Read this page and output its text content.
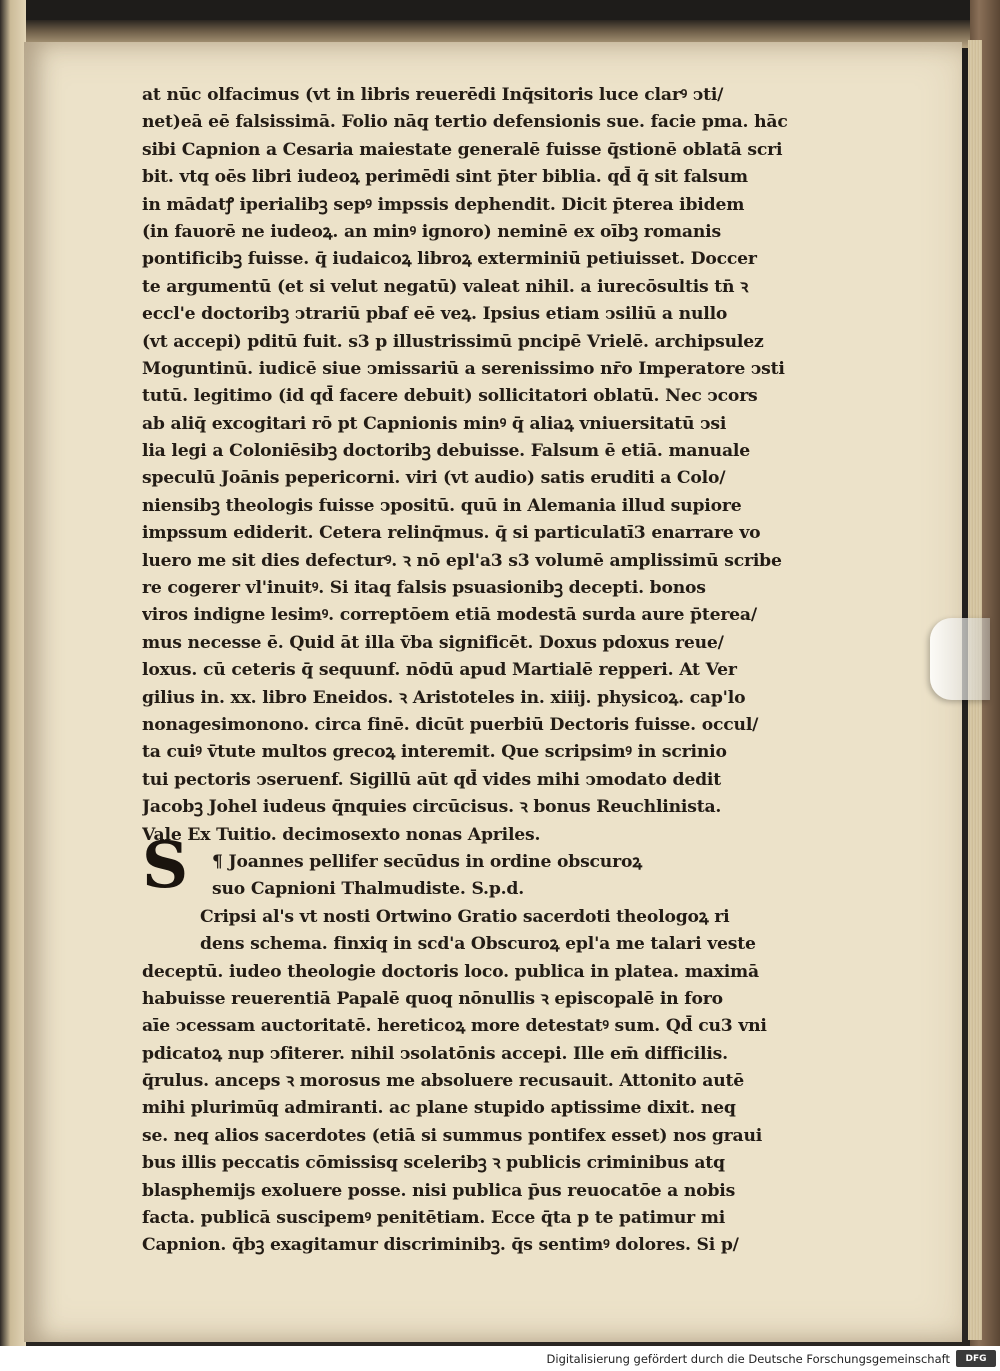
at nūc olfacimus (vt in libris reuerēdi Inq̄sitoris luce clarꝰ ↄti/
net)eā eē falsissimā. Folio nāq̧ tertio defensionis sue. facie pma. hāc
sibi Capnion a Cesaria maiestate generalē fuisse q̄stionē oblatā scri
bit. vtq̧ oēs libri iudeoꝝ perimēdi sint p̄ter biblia. qd̄ q̄ sit falsum
in mādatꝭ iperialibꝫ sepꝰ impssis dephendit. Dicit p̄terea ibidem
(in fauorē ne iudeoꝝ. an minꝰ ignoro) neminē ex oībꝫ romanis
pontificibꝫ fuisse. q̄ iudaicoꝝ libroꝝ exterminiū petiuisset. Doccer
te argumentū (et si velut negatū) valeat nihil. a iurecōsultis tn̄ ꝛ
eccl'e doctoribꝫ ↄtrariū pbaf eē veꝝ. Ipsius etiam ↄsiliū a nullo
(vt accepi) pditū fuit. s3 p illustrissimū pncipē Vrielē. archipsulez
Moguntinū. iudicē siue ↄmissariū a serenissimo nr̄o Imperatore ↄsti
tutū. legitimo (id qd̄ facere debuit) sollicitatori oblatū. Nec ↄcors
ab aliq̄ excogitari rō pt Capnionis minꝰ q̄ aliaꝝ vniuersitatū ↄsi
lia legi a Coloniēsibꝫ doctoribꝫ debuisse. Falsum ē etiā. manuale
speculū Joānis pepericorni. viri (vt audio) satis eruditi a Colo/
niensibꝫ theologis fuisse ↄpositū. quū in Alemania illud supiore
impssum ediderit. Cetera relinq̄mus. q̄ si particulatī3 enarrare vo
luero me sit dies defecturꝰ. ꝛ nō epl'a3 s3 volumē amplissimū scribe
re cogerer vl'inuitꝰ. Si itaq̧ falsis psuasionibꝫ decepti. bonos
viros indigne lesimꝰ. correptōem etiā modestā surda aure p̄terea/
mus necesse ē. Quid āt illa v̄ba significēt. Doxus pdoxus reue/
loxus. cū ceteris q̄ sequunf. nōdū apud Martialē repperi. At Ver
gilius in. xx. libro Eneidos. ꝛ Aristoteles in. xiiij. physicoꝝ. cap'lo
nonagesimonono. circa finē. dicūt puerbiū Dectoris fuisse. occul/
ta cuiꝰ v̄tute multos grecoꝝ interemit. Que scripsimꝰ in scrinio
tui pectoris ↄseruenf. Sigillū aūt qd̄ vides mihi ↄmodato dedit
Jacobꝫ Johel iudeus q̄nquies circūcisus. ꝛ bonus Reuchlinista.
Vale Ex Tuitio. decimosexto nonas Apriles.
¶ Joannes pellifer secūdus in ordine obscuroꝝ
suo Capnioni Thalmudiste. S.p.d.
Cripsi al's vt nosti Ortwino Gratio sacerdoti theologoꝝ ri
dens schema. finxiq̧ in scd'a Obscuroꝝ epl'a me talari veste
deceptū. iudeo theologie doctoris loco. publica in platea. maximā
habuisse reuerentiā Papalē quoq̧ nōnullis ꝛ episcopalē in foro
aīe ↄcessam auctoritatē. hereticoꝝ more detestatꝰ sum. Qd̄ cu3 vni
pdicatoꝝ nup ↄfiterer. nihil ↄsolatōnis accepi. Ille em̄ difficilis.
q̄rulus. anceps ꝛ morosus me absoluere recusauit. Attonito autē
mihi plurimūq̧ admiranti. ac plane stupido aptissime dixit. neq̧
se. neq̧ alios sacerdotes (etiā si summus pontifex esset) nos graui
bus illis peccatis cōmissisq̧ sceleribꝫ ꝛ publicis criminibus atq̧
blasphemijs exoluere posse. nisi publica p̄us reuocatōe a nobis
facta. publicā suscipemꝰ penitētiam. Ecce q̄ta p te patimur mi
Capnion. q̄bꝫ exagitamur discriminibꝫ. q̄s sentimꝰ dolores. Si p/
S
Digitalisierung gefördert durch die Deutsche Forschungsgemeinschaft	DFG
